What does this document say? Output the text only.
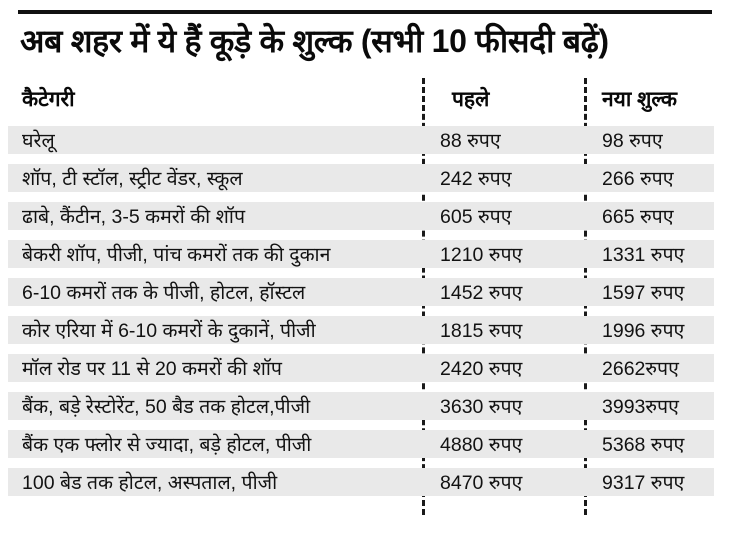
अब शहर में ये हैं कूड़े के शुल्क (सभी 10 फीसदी बढ़ें)
कैटेगरी	पहले	नया शुल्क
घरेलू	88 रुपए	98 रुपए
शॉप, टी स्टॉल, स्ट्रीट वेंडर, स्कूल	242 रुपए	266 रुपए
ढाबे, कैंटीन, 3-5 कमरों की शॉप	605 रुपए	665 रुपए
बेकरी शॉप, पीजी, पांच कमरों तक की दुकान	1210 रुपए	1331 रुपए
6-10 कमरों तक के पीजी, होटल, हॉस्टल	1452 रुपए	1597 रुपए
कोर एरिया में 6-10 कमरों के दुकानें, पीजी	1815 रुपए	1996 रुपए
मॉल रोड पर 11 से 20 कमरों की शॉप	2420 रुपए	2662रुपए
बैंक, बड़े रेस्टोरेंट, 50 बैड तक होटल,पीजी	3630 रुपए	3993रुपए
बैंक एक फ्लोर से ज्यादा, बड़े होटल, पीजी	4880 रुपए	5368 रुपए
100 बेड तक होटल, अस्पताल, पीजी	8470 रुपए	9317 रुपए
